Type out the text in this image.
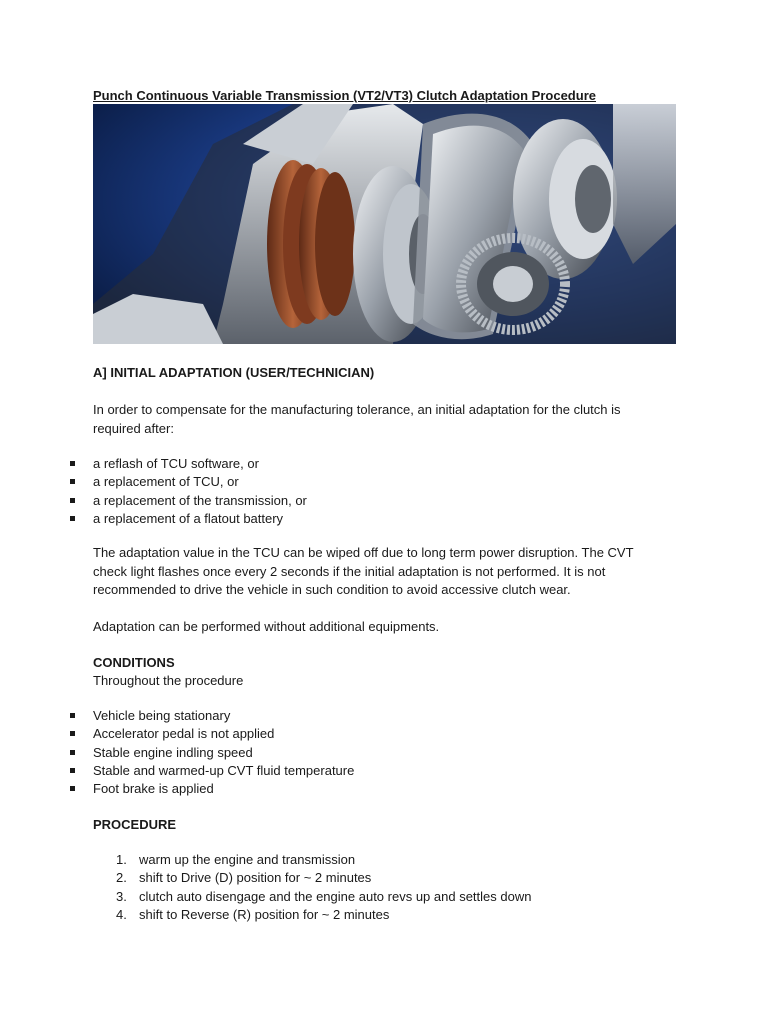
Punch Continuous Variable Transmission (VT2/VT3) Clutch Adaptation Procedure
A] INITIAL ADAPTATION (USER/TECHNICIAN)
In order to compensate for the manufacturing tolerance, an initial adaptation for the clutch is
required after:
a reflash of TCU software, or
a replacement of TCU, or
a replacement of the transmission, or
a replacement of a flatout battery
The adaptation value in the TCU can be wiped off due to long term power disruption. The CVT
check light flashes once every 2 seconds if the initial adaptation is not performed. It is not
recommended to drive the vehicle in such condition to avoid accessive clutch wear.
Adaptation can be performed without additional equipments.
CONDITIONS
Throughout the procedure
Vehicle being stationary
Accelerator pedal is not applied
Stable engine indling speed
Stable and warmed-up CVT fluid temperature
Foot brake is applied
PROCEDURE
1. warm up the engine and transmission
2. shift to Drive (D) position for ~ 2 minutes
3. clutch auto disengage and the engine auto revs up and settles down
4. shift to Reverse (R) position for ~ 2 minutes
